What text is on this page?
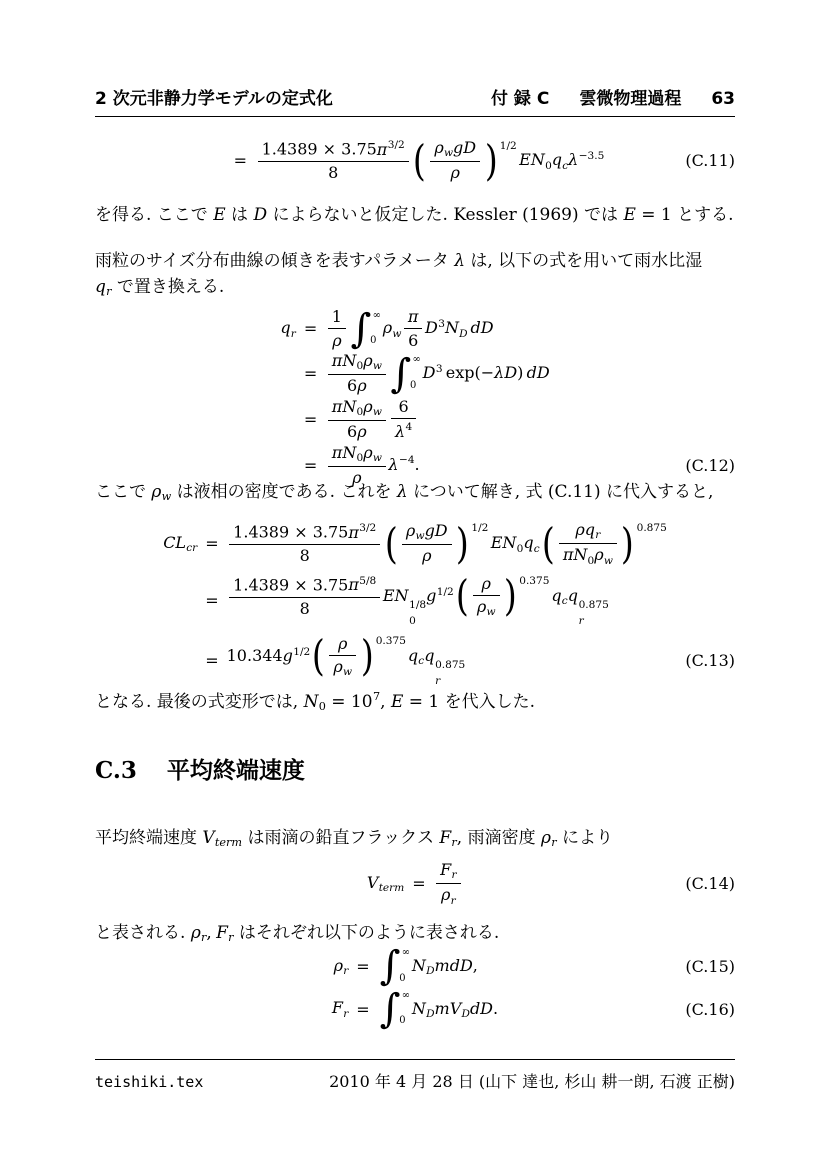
2 次元非静力学モデルの定式化	付 録 C 雲微物理過程 63
= $\frac{1.4389 \times 3.75\pi^{3/2}}{8}$ ( $\frac{\text{ρwgD}}{\rho}$ ) $^{1/2}$EN0qcλ$^{-3.5}$	(C.11)

を得る. ここで E は D によらないと仮定した. Kessler (1969) では E = 1 とする.

雨粒のサイズ分布曲線の傾きを表すパラメータ λ は, 以下の式を用いて雨水比湿
qr で置き換える.

qr = $\frac{1}{\rho}$ ∫ ∞
0
ρw $\frac{\pi}{6} D^3ND$ dD
= $\frac{\pi N0\rho w}{6\rho}$ ∫ ∞
0
$D^3$ exp(−λD) dD
= $\frac{\pi N0\rho w}{6\rho} \frac{6}{\lambda^4}$
= $\frac{\pi N0\rho w}{\rho} \lambda^{-4}$.	(C.12)

ここで ρw は液相の密度である. これを λ について解き, 式 (C.11) に代入すると,

CLcr = $\frac{1.4389 \times 3.75\pi^{3/2}}{8}$ ( $\frac{\text{ρwgD}}{\rho}$ ) $^{1/2}EN0qc( \frac{\text{ρqr}}{\pi N0\rho w}$ ) $^{0.875}$
= $\frac{1.4389 \times 3.75\pi^{5/8}}{8}$ EN 1/8
0
$g^{1/2}( \frac{\rho}{\rho w}$ ) $^{0.375}$qcq 0.875
r
= $10.344g^{1/2}( \frac{\rho}{\rho w}$ ) $^{0.375}$qcq 0.875
r
(C.13)

となる. 最後の式変形では, $N0 = 10^7$, E = 1 を代入した.

C.3 平均終端速度

平均終端速度 Vterm は雨滴の鉛直フラックス Fr, 雨滴密度 ρr により

Vterm = $\frac{Fr}{\rho r}$	(C.14)

と表される. ρr, Fr はそれぞれ以下のように表される.

ρr = ∫ ∞
0
NDmdD,	(C.15)
Fr = ∫ ∞
0
NDmVDdD.	(C.16)
teishiki.tex	2010 年 4 月 28 日 (山下 達也, 杉山 耕一朗, 石渡 正樹)
